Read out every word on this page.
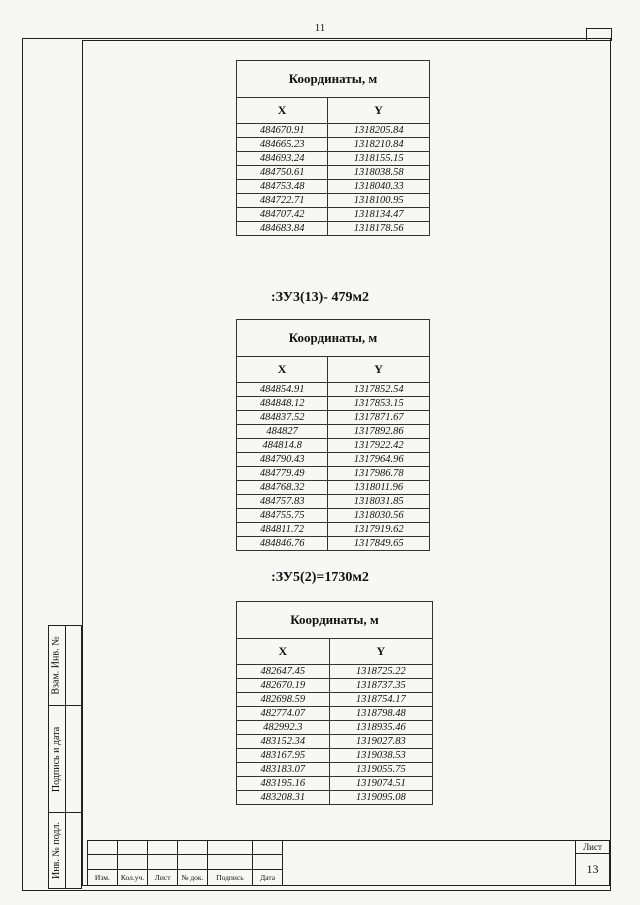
11
Координаты, м	
X	Y
484670.91	1318205.84
484665.23	1318210.84
484693.24	1318155.15
484750.61	1318038.58
484753.48	1318040.33
484722.71	1318100.95
484707.42	1318134.47
484683.84	1318178.56
:ЗУ3(13)- 479м2
Координаты, м	
X	Y
484854.91	1317852.54
484848.12	1317853.15
484837.52	1317871.67
484827	1317892.86
484814.8	1317922.42
484790.43	1317964.96
484779.49	1317986.78
484768.32	1318011.96
484757.83	1318031.85
484755.75	1318030.56
484811.72	1317919.62
484846.76	1317849.65
:ЗУ5(2)=1730м2
Координаты, м	
X	Y
482647.45	1318725.22
482670.19	1318737.35
482698.59	1318754.17
482774.07	1318798.48
482992.3	1318935.46
483152.34	1319027.83
483167.95	1319038.53
483183.07	1319055.75
483195.16	1319074.51
483208.31	1319095.08
Взам. Инв. №
Подпись и дата
Инв. № подл.

						Изм.	Кол.уч.	Лист	№ док.	Подпись	Дата
Лист
13
